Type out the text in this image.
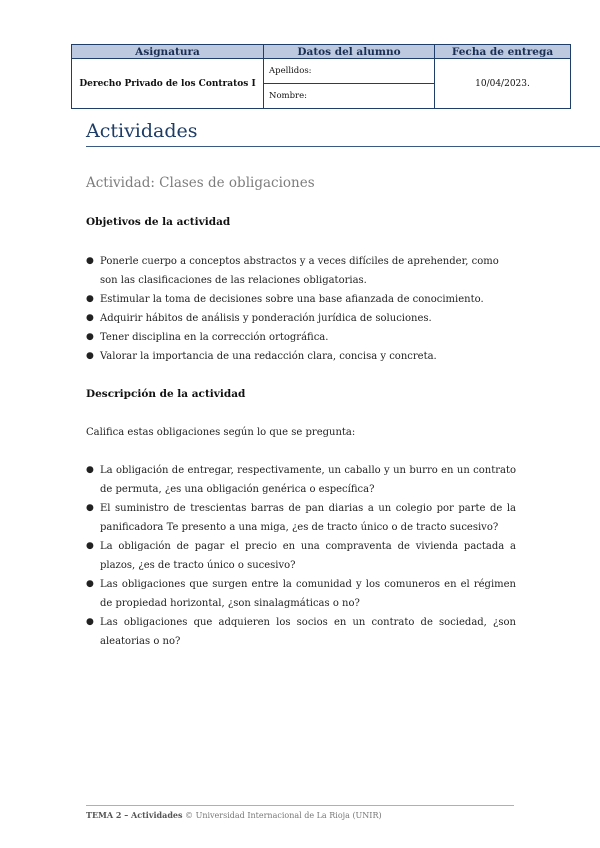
Asignatura	Datos del alumno	Fecha de entrega
Derecho Privado de los Contratos I	Apellidos:	10/04/2023.
	Nombre:	
Actividades
Actividad: Clases de obligaciones
Objetivos de la actividad
● Ponerle cuerpo a conceptos abstractos y a veces difíciles de aprehender, como son las clasificaciones de las relaciones obligatorias.
● Estimular la toma de decisiones sobre una base afianzada de conocimiento.
● Adquirir hábitos de análisis y ponderación jurídica de soluciones.
● Tener disciplina en la corrección ortográfica.
● Valorar la importancia de una redacción clara, concisa y concreta.
Descripción de la actividad
Califica estas obligaciones según lo que se pregunta:
● La obligación de entregar, respectivamente, un caballo y un burro en un contrato de permuta, ¿es una obligación genérica o específica?
● El suministro de trescientas barras de pan diarias a un colegio por parte de la panificadora Te presento a una miga, ¿es de tracto único o de tracto sucesivo?
● La obligación de pagar el precio en una compraventa de vivienda pactada a plazos, ¿es de tracto único o sucesivo?
● Las obligaciones que surgen entre la comunidad y los comuneros en el régimen de propiedad horizontal, ¿son sinalagmáticas o no?
● Las obligaciones que adquieren los socios en un contrato de sociedad, ¿son aleatorias o no?
TEMA 2 – Actividades © Universidad Internacional de La Rioja (UNIR)
